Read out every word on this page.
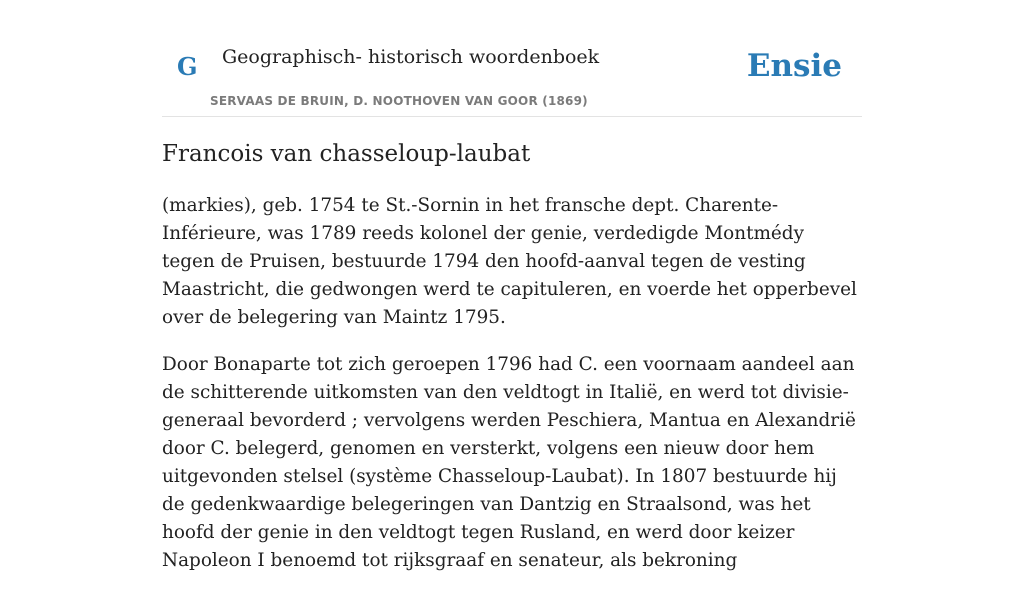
G Geographisch- historisch woordenboek
SERVAAS DE BRUIN, D. NOOTHOVEN VAN GOOR (1869)
Ensie
Francois van chasseloup-laubat

(markies), geb. 1754 te St.-Sornin in het fransche dept. Charente-Inférieure, was 1789 reeds kolonel der genie, verdedigde Montmédy tegen de Pruisen, bestuurde 1794 den hoofd-aanval tegen de vesting Maastricht, die gedwongen werd te capituleren, en voerde het opperbevel over de belegering van Maintz 1795.

Door Bonaparte tot zich geroepen 1796 had C. een voornaam aandeel aan de schitterende uitkomsten van den veldtogt in Italië, en werd tot divisie-generaal bevorderd ; vervolgens werden Peschiera, Mantua en Alexandrië door C. belegerd, genomen en versterkt, volgens een nieuw door hem uitgevonden stelsel (système Chasseloup-Laubat). In 1807 bestuurde hij de gedenkwaardige belegeringen van Dantzig en Straalsond, was het hoofd der genie in den veldtogt tegen Rusland, en werd door keizer Napoleon I benoemd tot rijksgraaf en senateur, als bekroning
